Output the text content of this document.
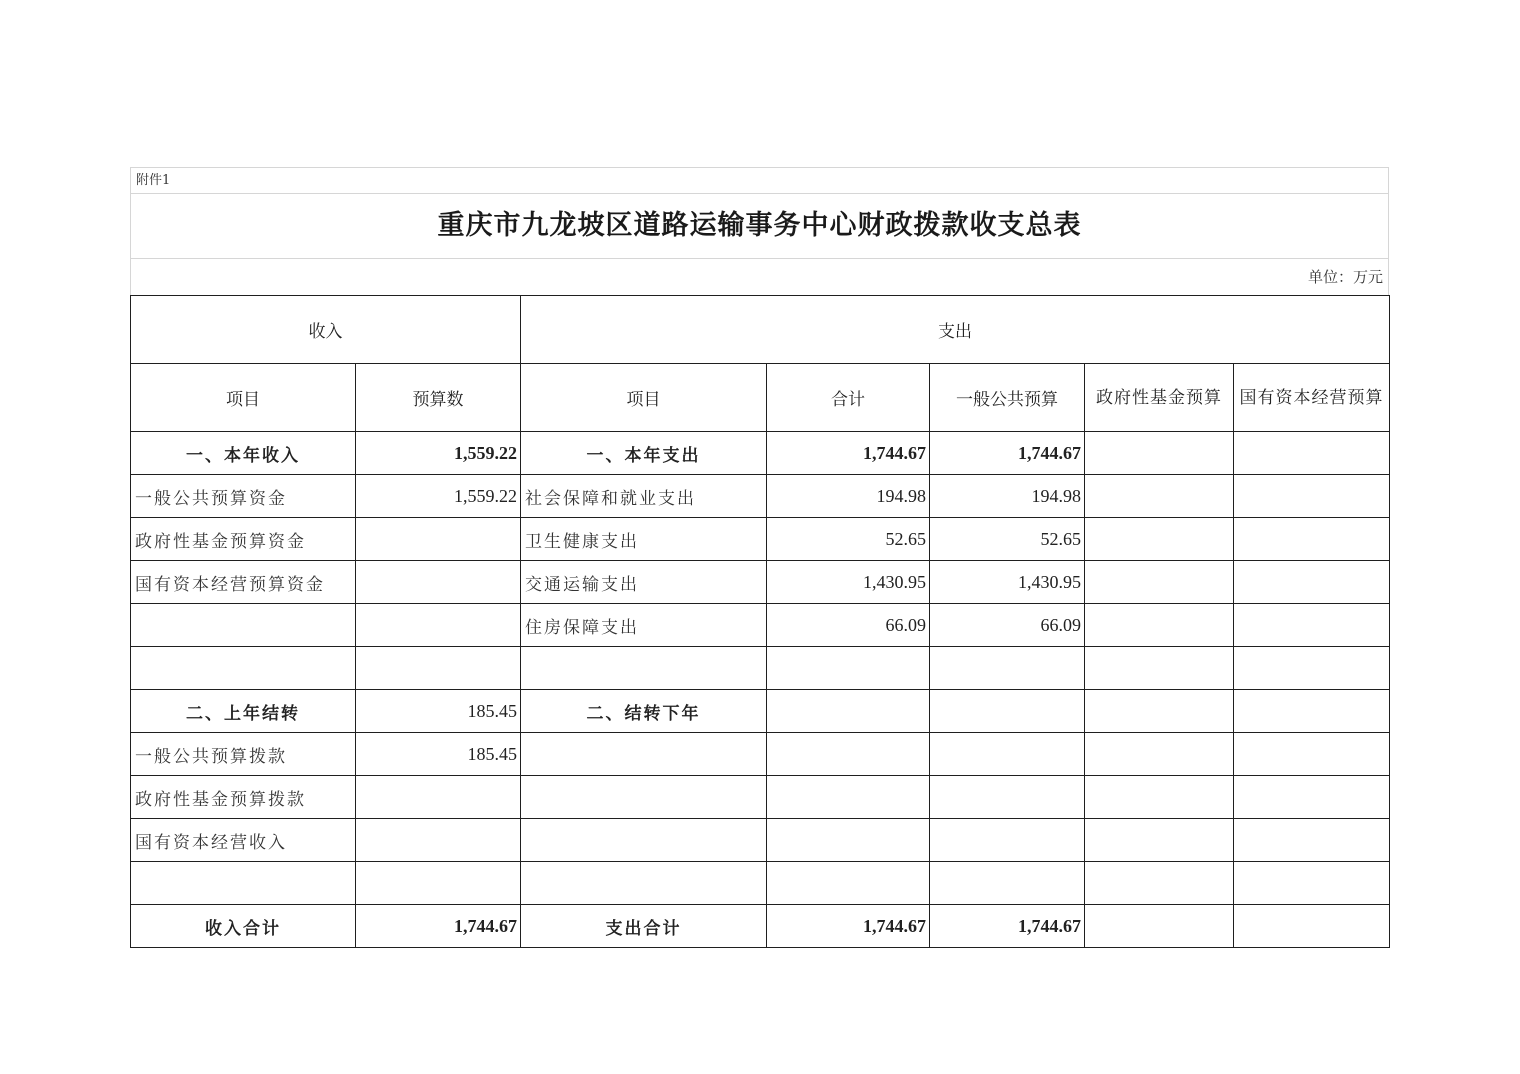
附件1
重庆市九龙坡区道路运输事务中心财政拨款收支总表
单位：万元
收入		支出				
项目	预算数	项目	合计	一般公共预算	政府性基金预算	国有资本经营预算
一、本年收入	1,559.22	一、本年支出	1,744.67	1,744.67		
一般公共预算资金	1,559.22	社会保障和就业支出	194.98	194.98		
政府性基金预算资金		卫生健康支出	52.65	52.65		
国有资本经营预算资金		交通运输支出	1,430.95	1,430.95		
		住房保障支出	66.09	66.09		

二、上年结转	185.45	二、结转下年				
一般公共预算拨款	185.45					
政府性基金预算拨款						
国有资本经营收入						

收入合计	1,744.67	支出合计	1,744.67	1,744.67		
